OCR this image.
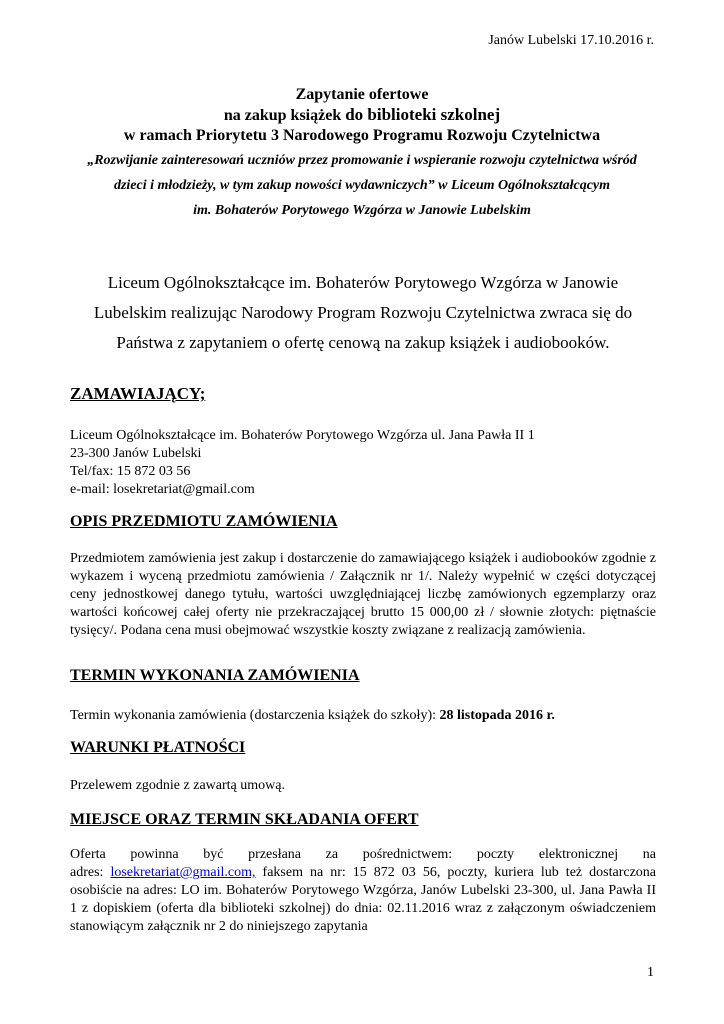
Janów Lubelski 17.10.2016 r.
Zapytanie ofertowe
na zakup książek do biblioteki szkolnej
w ramach Priorytetu 3 Narodowego Programu Rozwoju Czytelnictwa
„Rozwijanie zainteresowań uczniów przez promowanie i wspieranie rozwoju czytelnictwa wśród
dzieci i młodzieży, w tym zakup nowości wydawniczych” w Liceum Ogólnokształcącym
im. Bohaterów Porytowego Wzgórza w Janowie Lubelskim
Liceum Ogólnokształcące im. Bohaterów Porytowego Wzgórza w Janowie
Lubelskim realizując Narodowy Program Rozwoju Czytelnictwa zwraca się do
Państwa z zapytaniem o ofertę cenową na zakup książek i audiobooków.
ZAMAWIAJĄCY;
Liceum Ogólnokształcące im. Bohaterów Porytowego Wzgórza ul. Jana Pawła II 1
23-300 Janów Lubelski
Tel/fax: 15 872 03 56
e-mail: losekretariat@gmail.com
OPIS PRZEDMIOTU ZAMÓWIENIA

Przedmiotem zamówienia jest zakup i dostarczenie do zamawiającego książek i audiobooków zgodnie z wykazem i wyceną przedmiotu zamówienia / Załącznik nr 1/. Należy wypełnić w części dotyczącej ceny jednostkowej danego tytułu, wartości uwzględniającej liczbę zamówionych egzemplarzy oraz wartości końcowej całej oferty nie przekraczającej brutto 15 000,00 zł / słownie złotych: piętnaście tysięcy/. Podana cena musi obejmować wszystkie koszty związane z realizacją zamówienia.

TERMIN WYKONANIA ZAMÓWIENIA

Termin wykonania zamówienia (dostarczenia książek do szkoły): 28 listopada 2016 r.

WARUNKI PŁATNOŚCI

Przelewem zgodnie z zawartą umową.

MIEJSCE ORAZ TERMIN SKŁADANIA OFERT
Oferta powinna być przesłana za pośrednictwem: poczty elektronicznej na
adres: losekretariat@gmail.com, faksem na nr: 15 872 03 56, poczty, kuriera lub też dostarczona osobiście na adres: LO im. Bohaterów Porytowego Wzgórza, Janów Lubelski 23-300, ul. Jana Pawła II 1 z dopiskiem (oferta dla biblioteki szkolnej) do dnia: 02.11.2016 wraz z załączonym oświadczeniem stanowiącym załącznik nr 2 do niniejszego zapytania
1
